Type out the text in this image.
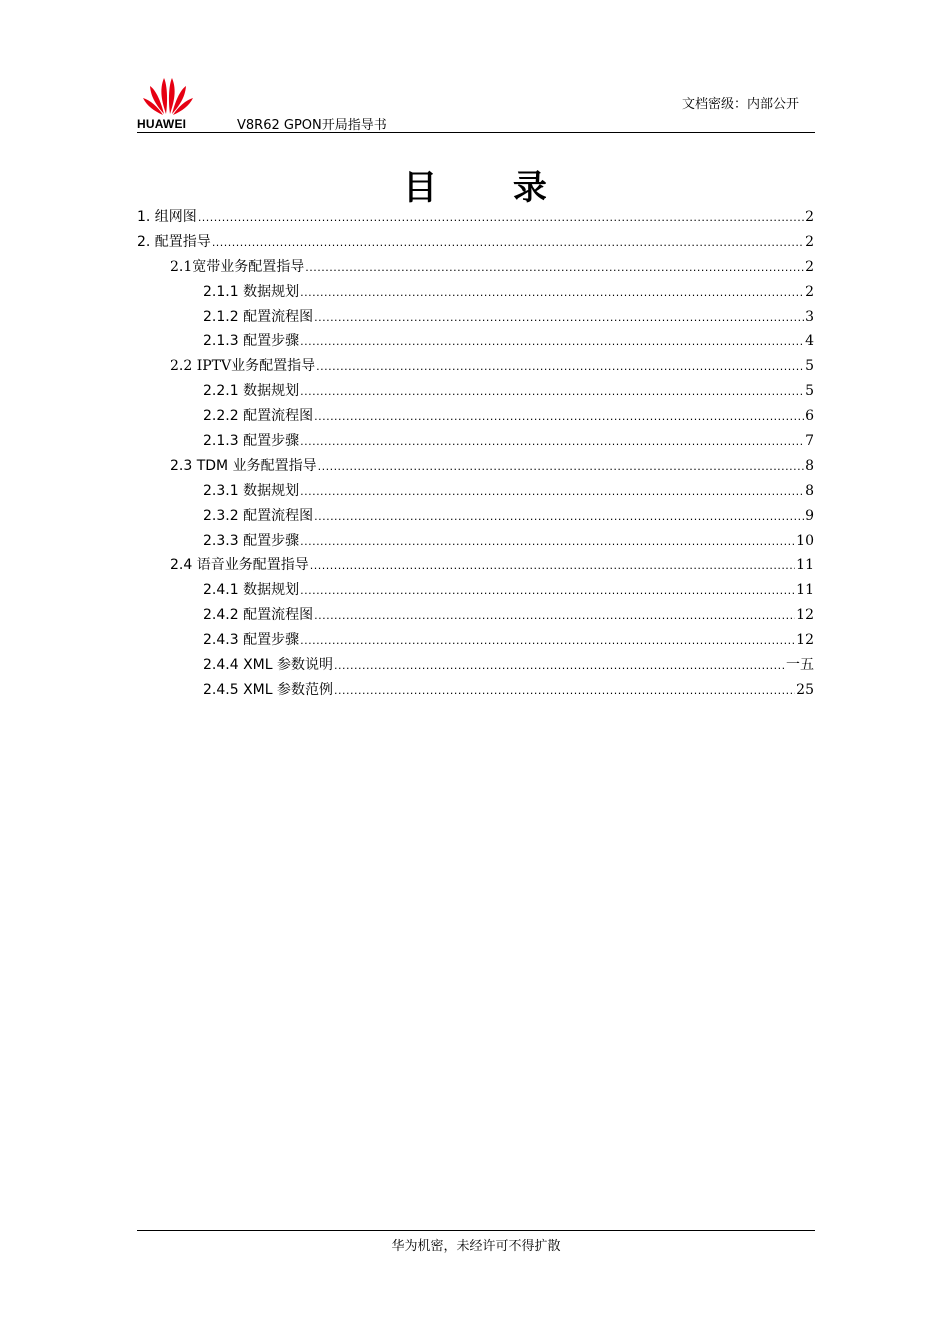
HUAWEI	V8R62 GPON开局指导书
文档密级：内部公开
目 录
1. 组网图 .....	2
2. 配置指导 .....	2
2.1宽带业务配置指导 .....	2
2.1.1 数据规划 .....	2
2.1.2 配置流程图 .....	3
2.1.3 配置步骤 .....	4
2.2 IPTV业务配置指导 .....	5
2.2.1 数据规划 .....	5
2.2.2 配置流程图 .....	6
2.1.3 配置步骤 .....	7
2.3 TDM 业务配置指导 .....	8
2.3.1 数据规划 .....	8
2.3.2 配置流程图 .....	9
2.3.3 配置步骤 .....	10
2.4 语音业务配置指导 .....	11
2.4.1 数据规划 .....	11
2.4.2 配置流程图 .....	12
2.4.3 配置步骤 .....	12
2.4.4 XML 参数说明 .....	一五
2.4.5 XML 参数范例 .....	25
华为机密，未经许可不得扩散
